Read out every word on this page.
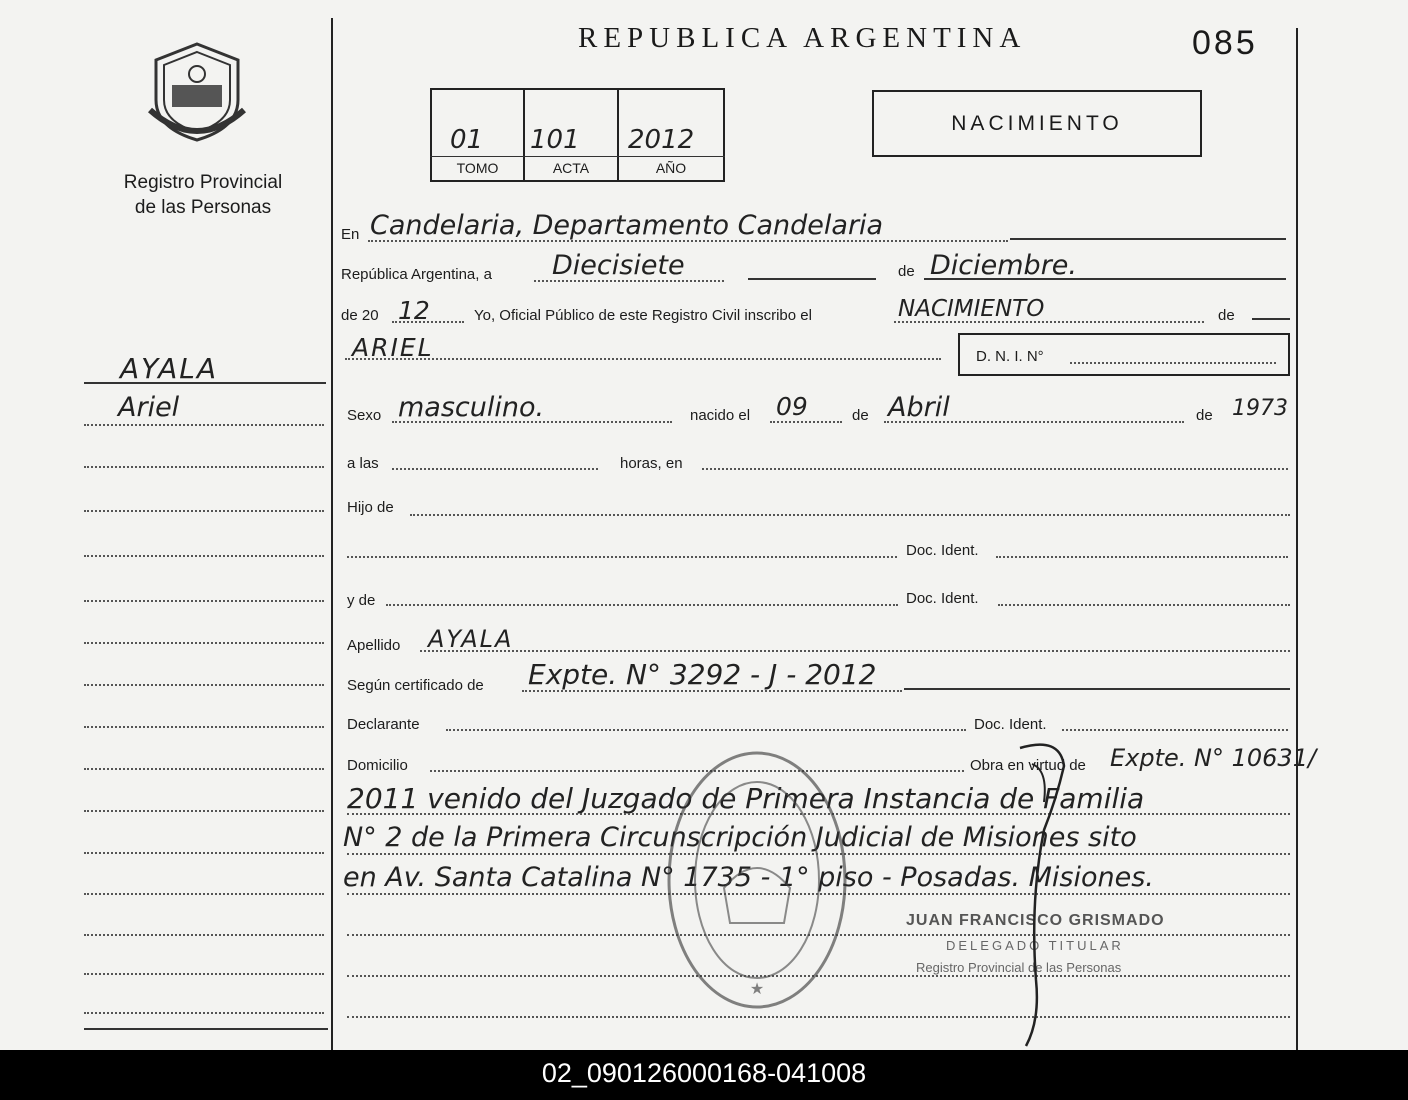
Registro Provincial
de las Personas
AYALA
Ariel
REPUBLICA ARGENTINA	085
01 101 2012
TOMO	ACTA	AÑO
NACIMIENTO
En Candelaria, Departamento Candelaria
República Argentina, a Diecisiete	de Diciembre.
de 20 12	Yo, Oficial Público de este Registro Civil inscribo el	NACIMIENTO	de
ARIEL	D. N. I. N°
Sexo masculino.	nacido el 09	de Abril	de 1973
a las	horas, en
Hijo de
Doc. Ident.
y de	Doc. Ident.
Apellido AYALA
Según certificado de Expte. N° 3292 - J - 2012
Declarante	Doc. Ident.
Domicilio	Obra en virtud de Expte. N° 10631/
2011 venido del Juzgado de Primera Instancia de Familia
N° 2 de la Primera Circunscripción Judicial de Misiones sito
en Av. Santa Catalina N° 1735 - 1° piso - Posadas. Misiones.
★
JUAN FRANCISCO GRISMADO
DELEGADO TITULAR
Registro Provincial de las Personas
02_090126000168-041008
